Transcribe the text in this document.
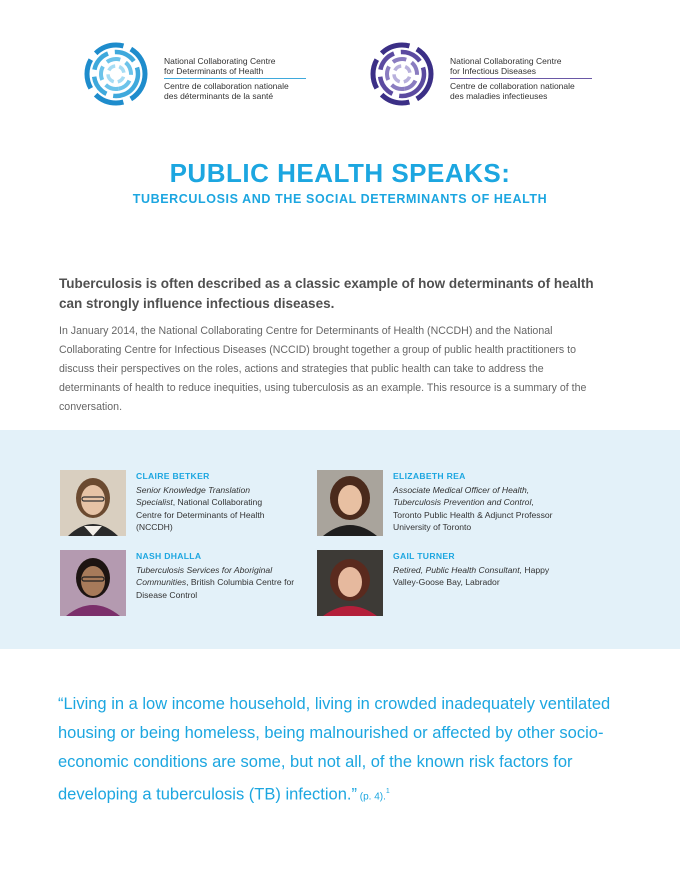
National Collaborating Centre
for Determinants of Health
Centre de collaboration nationale
des déterminants de la santé
National Collaborating Centre
for Infectious Diseases
Centre de collaboration nationale
des maladies infectieuses
PUBLIC HEALTH SPEAKS:
TUBERCULOSIS AND THE SOCIAL DETERMINANTS OF HEALTH

Tuberculosis is often described as a classic example of how determinants of health can strongly influence infectious diseases.

In January 2014, the National Collaborating Centre for Determinants of Health (NCCDH) and the National Collaborating Centre for Infectious Diseases (NCCID) brought together a group of public health practitioners to discuss their perspectives on the roles, actions and strategies that public health can take to address the determinants of health to reduce inequities, using tuberculosis as an example. This resource is a summary of the conversation.

CLAIRE BETKER
Senior Knowledge Translation Specialist, National Collaborating Centre for Determinants of Health (NCCDH)
ELIZABETH REA
Associate Medical Officer of Health, Tuberculosis Prevention and Control, Toronto Public Health & Adjunct Professor University of Toronto
NASH DHALLA
Tuberculosis Services for Aboriginal Communities, British Columbia Centre for Disease Control
GAIL TURNER
Retired, Public Health Consultant, Happy Valley-Goose Bay, Labrador

“Living in a low income household, living in crowded inadequately ventilated housing or being homeless, being malnourished or affected by other socio-economic conditions are some, but not all, of the known risk factors for developing a tuberculosis (TB) infection.” (p. 4).$^1$
